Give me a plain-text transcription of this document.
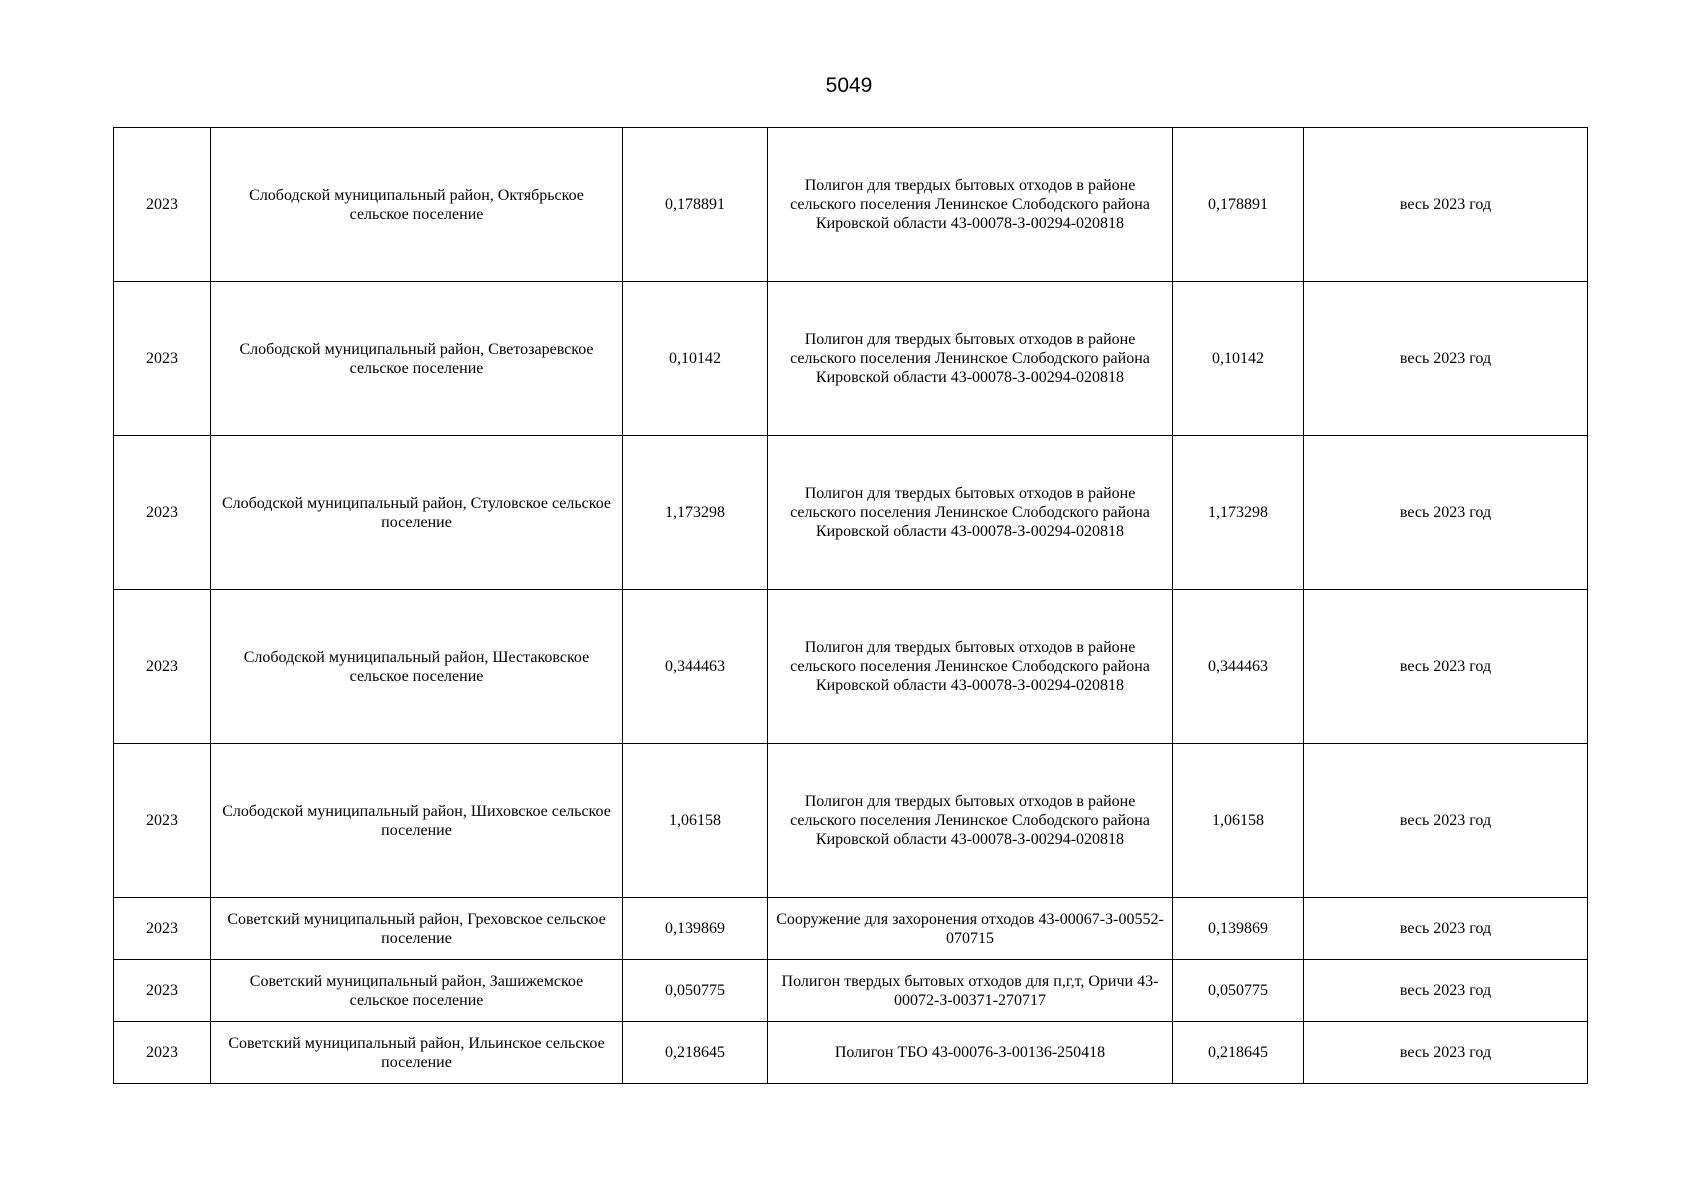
5049
2023	Слободской муниципальный район, Октябрьское сельское поселение	0,178891	Полигон для твердых бытовых отходов в районе сельского поселения Ленинское Слободского района Кировской области 43-00078-З-00294-020818	0,178891	весь 2023 год
2023	Слободской муниципальный район, Светозаревское сельское поселение	0,10142	Полигон для твердых бытовых отходов в районе сельского поселения Ленинское Слободского района Кировской области 43-00078-З-00294-020818	0,10142	весь 2023 год
2023	Слободской муниципальный район, Стуловское сельское поселение	1,173298	Полигон для твердых бытовых отходов в районе сельского поселения Ленинское Слободского района Кировской области 43-00078-З-00294-020818	1,173298	весь 2023 год
2023	Слободской муниципальный район, Шестаковское сельское поселение	0,344463	Полигон для твердых бытовых отходов в районе сельского поселения Ленинское Слободского района Кировской области 43-00078-З-00294-020818	0,344463	весь 2023 год
2023	Слободской муниципальный район, Шиховское сельское поселение	1,06158	Полигон для твердых бытовых отходов в районе сельского поселения Ленинское Слободского района Кировской области 43-00078-З-00294-020818	1,06158	весь 2023 год
2023	Советский муниципальный район, Греховское сельское поселение	0,139869	Сооружение для захоронения отходов 43-00067-З-00552-070715	0,139869	весь 2023 год
2023	Советский муниципальный район, Зашижемское сельское поселение	0,050775	Полигон твердых бытовых отходов для п,г,т, Оричи 43-00072-З-00371-270717	0,050775	весь 2023 год
2023	Советский муниципальный район, Ильинское сельское поселение	0,218645	Полигон ТБО 43-00076-З-00136-250418	0,218645	весь 2023 год
